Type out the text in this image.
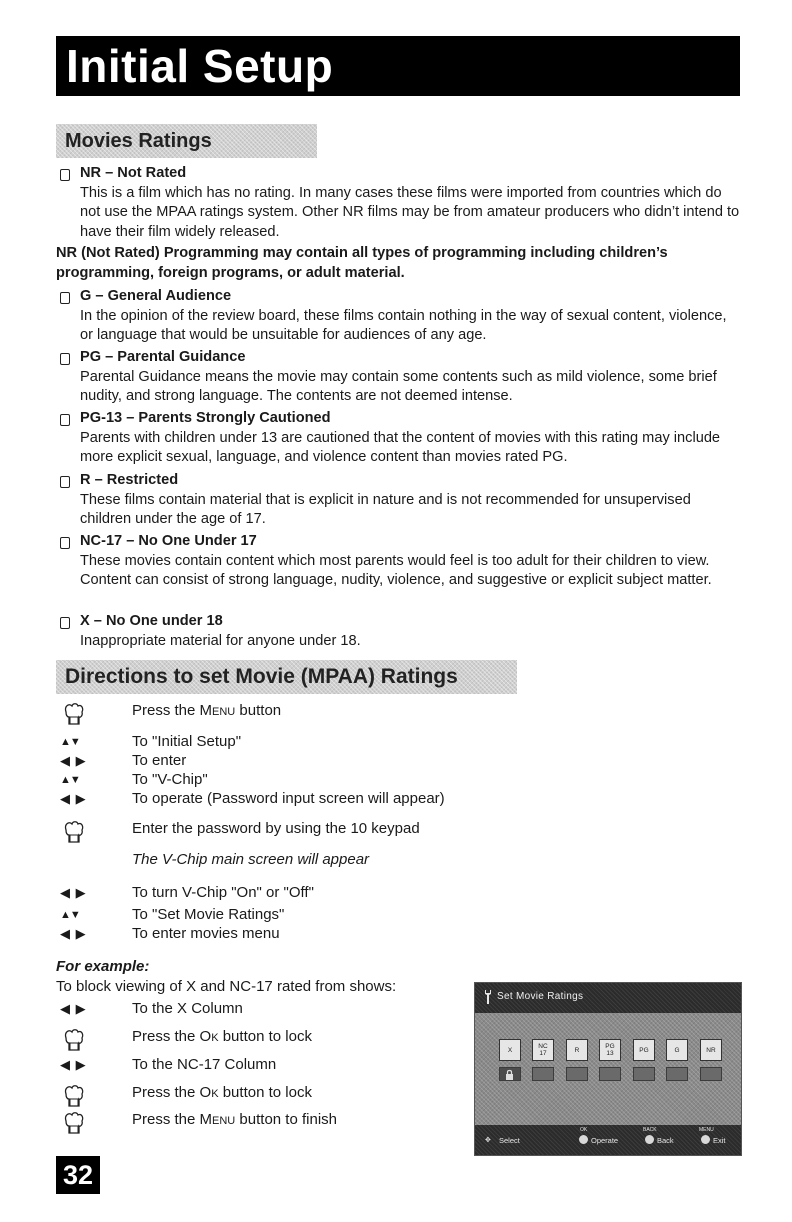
Initial Setup
Movies Ratings
NR – Not Rated
This is a film which has no rating. In many cases these films were imported from countries which do not use the MPAA ratings system. Other NR films may be from amateur producers who didn’t intend to have their film widely released.
NR (Not Rated) Programming may contain all types of programming including children’s programming, foreign programs, or adult material.
G – General Audience
In the opinion of the review board, these films contain nothing in the way of sexual content, violence, or language that would be unsuitable for audiences of any age.
PG – Parental Guidance
Parental Guidance means the movie may contain some contents such as mild violence, some brief nudity, and strong language. The contents are not deemed intense.
PG-13 – Parents Strongly Cautioned
Parents with children under 13 are cautioned that the content of movies with this rating may include more explicit sexual, language, and violence content than movies rated PG.
R – Restricted
These films contain material that is explicit in nature and is not recommended for unsupervised children under the age of 17.
NC-17 – No One Under 17
These movies contain content which most parents would feel is too adult for their children to view. Content can consist of strong language, nudity, violence, and suggestive or explicit subject matter.
X – No One under 18
Inappropriate material for anyone under 18.
Directions to set Movie (MPAA) Ratings
Press the Menu button
▲▼	To "Initial Setup"
◀ ▶	To enter
▲▼	To "V-Chip"
◀ ▶	To operate (Password input screen will appear)
Enter the password by using the 10 keypad
The V-Chip main screen will appear
◀ ▶	To turn V-Chip "On" or "Off"
▲▼	To "Set Movie Ratings"
◀ ▶	To enter movies menu
For example:
To block viewing of X and NC-17 rated from shows:
◀ ▶	To the X Column
Press the Ok button to lock
◀ ▶	To the NC-17 Column
Press the Ok button to lock
Press the Menu button to finish
Set Movie Ratings
X	NC
17	R	PG
13	PG	G	NR
✥ Select
OK
Operate
BACK
Back
MENU
Exit
32
